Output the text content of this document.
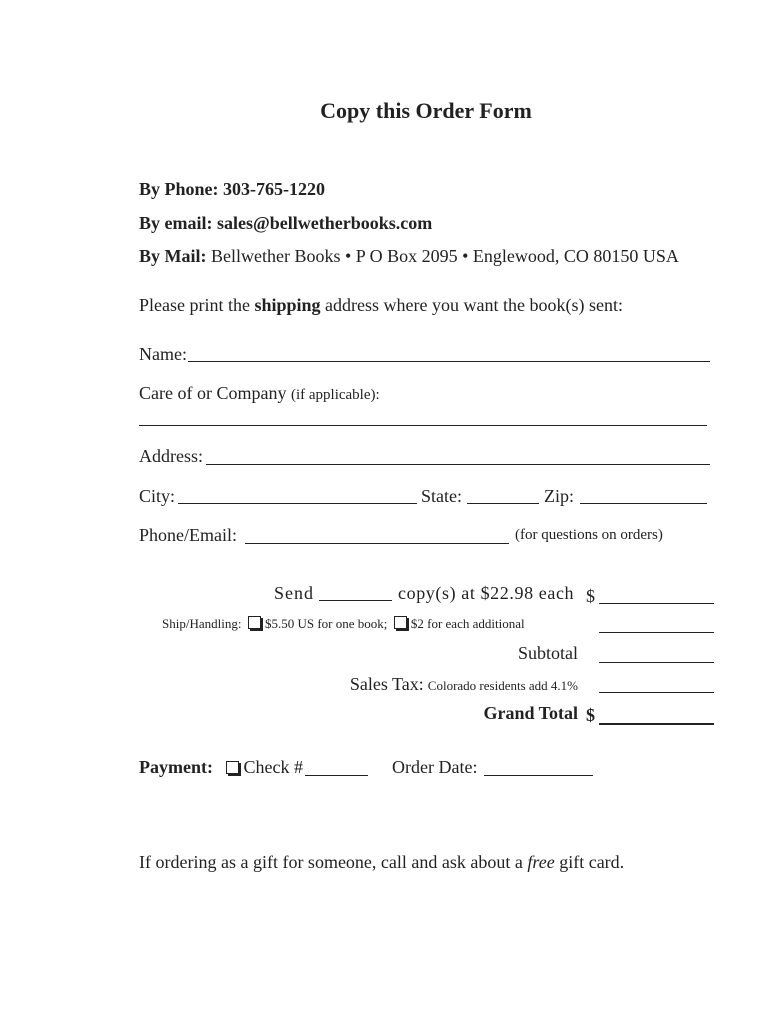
Copy this Order Form
By Phone: 303-765-1220
By email: sales@bellwetherbooks.com
By Mail: Bellwether Books • P O Box 2095 • Englewood, CO 80150 USA
Please print the shipping address where you want the book(s) sent:
Name:
Care of or Company (if applicable):
Address:
City:	State:	Zip:
Phone/Email:	(for questions on orders)
Send	copy(s) at $22.98 each $
Ship/Handling: $5.50 US for one book; $2 for each additional
Subtotal
Sales Tax: Colorado residents add 4.1%
Grand Total $
Payment: Check #	Order Date:
If ordering as a gift for someone, call and ask about a free gift card.
